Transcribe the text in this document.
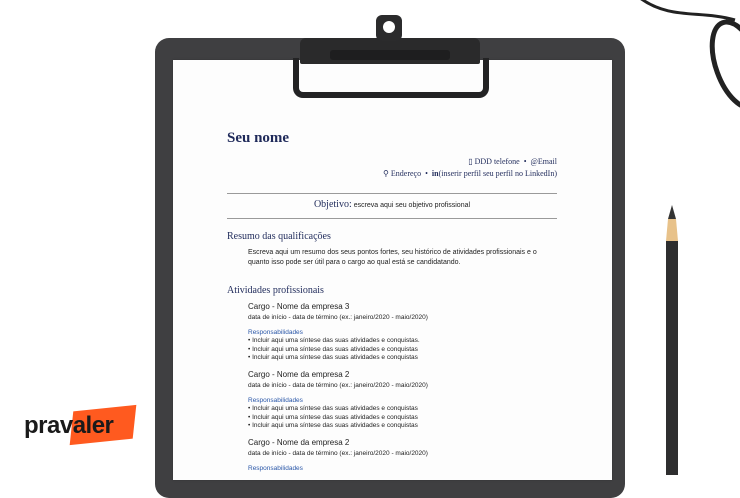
Seu nome
▯ DDD telefone • @Email
⚲ Endereço • in(inserir perfil seu perfil no LinkedIn)
Objetivo: escreva aqui seu objetivo profissional
Resumo das qualificações
Escreva aqui um resumo dos seus pontos fortes, seu histórico de atividades profissionais e o quanto isso pode ser útil para o cargo ao qual está se candidatando.
Atividades profissionais
Cargo - Nome da empresa 3
data de início - data de término (ex.: janeiro/2020 - maio/2020)
Responsabilidades
• Incluir aqui uma síntese das suas atividades e conquistas.
• Incluir aqui uma síntese das suas atividades e conquistas
• Incluir aqui uma síntese das suas atividades e conquistas
Cargo - Nome da empresa 2
data de início - data de término (ex.: janeiro/2020 - maio/2020)
Responsabilidades
• Incluir aqui uma síntese das suas atividades e conquistas
• Incluir aqui uma síntese das suas atividades e conquistas
• Incluir aqui uma síntese das suas atividades e conquistas
Cargo - Nome da empresa 2
data de início - data de término (ex.: janeiro/2020 - maio/2020)
Responsabilidades
pravaler
